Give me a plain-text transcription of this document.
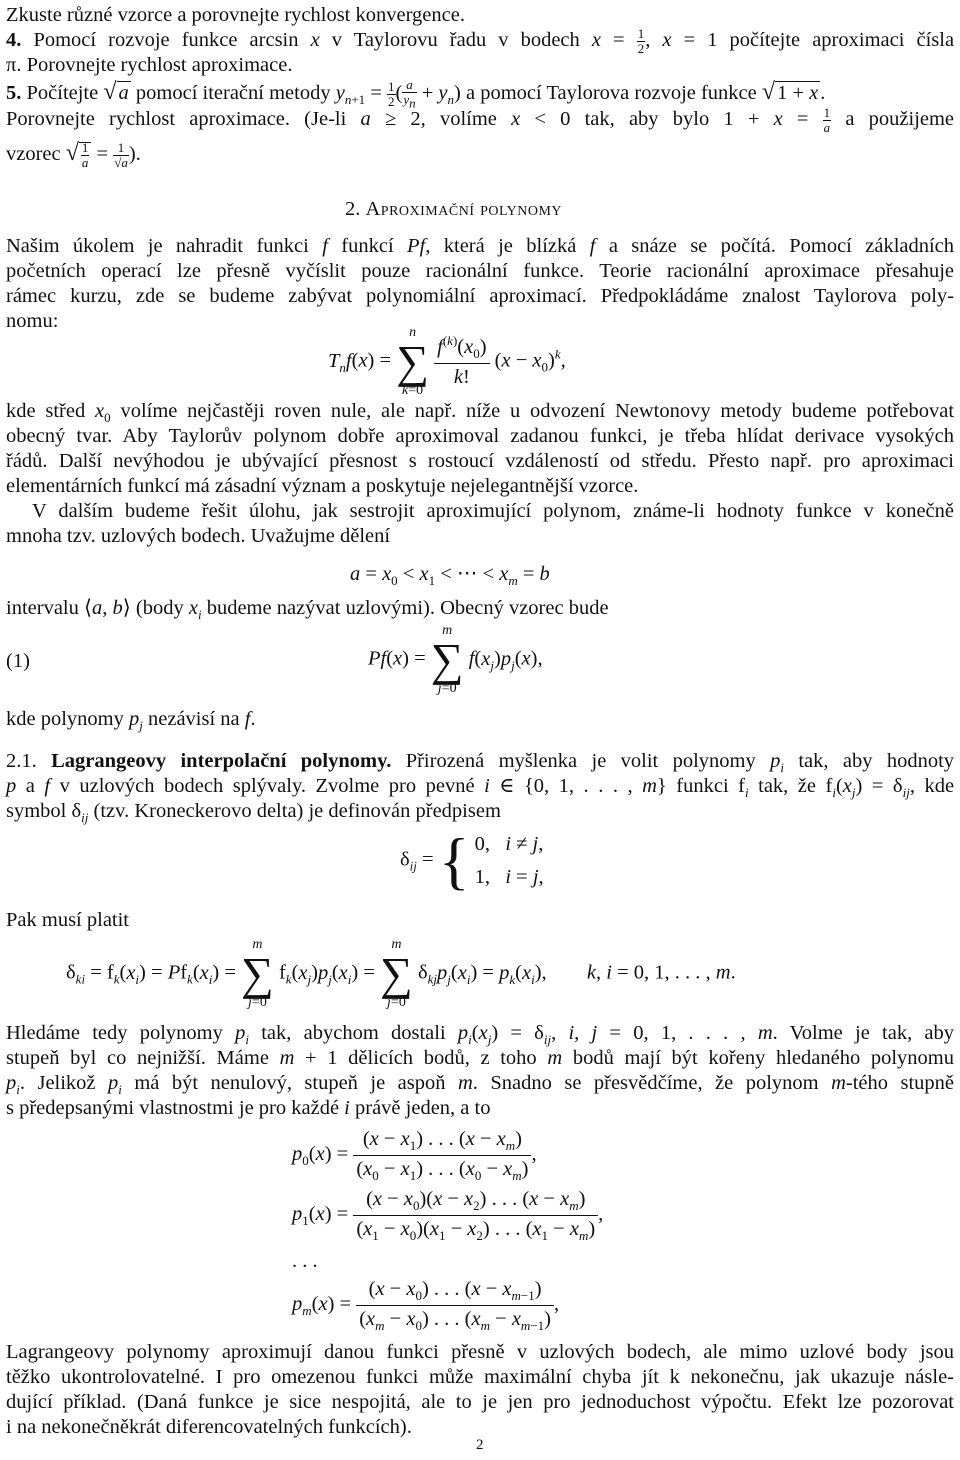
Zkuste různé vzorce a porovnejte rychlost konvergence.
4. Pomocí rozvoje funkce arcsin x v Taylorovu řadu v bodech $x = \frac{1}{2}$ , x = 1 počítejte aproximaci čísla
π. Porovnejte rychlost aproximace.
5. Počítejte √a pomocí iterační metody $y_{n+1} = \frac{1}{2}$ ( $\frac{a}{y_n} + y_n$) a pomocí Taylorova rozvoje funkce √1 + x.
Porovnejte rychlost aproximace. (Je-li a ≥ 2, volíme x < 0 tak, aby bylo $1 + x = \frac{1}{a}$ a použijeme
vzorec √ $\frac{1}{a} = \frac{1}{√a}$ ).
2. Aproximační polynomy
Našim úkolem je nahradit funkci f funkcí Pf, která je blízká f a snáze se počítá. Pomocí základních
početních operací lze přesně vyčíslit pouze racionální funkce. Teorie racionální aproximace přesahuje
rámec kurzu, zde se budeme zabývat polynomiální aproximací. Předpokládáme znalost Taylorova poly-
nomu:
$T_nf(x)$ =
n
∑
k=0
$\frac{f^{(k)}(x_0)}{k!} (x - x_0)^k$,
kde střed $x_0$ volíme nejčastěji roven nule, ale např. níže u odvození Newtonovy metody budeme potřebovat
obecný tvar. Aby Taylorův polynom dobře aproximoval zadanou funkci, je třeba hlídat derivace vysokých
řádů. Další nevýhodou je ubývající přesnost s rostoucí vzdáleností od středu. Přesto např. pro aproximaci
elementárních funkcí má zásadní význam a poskytuje nejelegantnější vzorce.
V dalším budeme řešit úlohu, jak sestrojit aproximující polynom, známe-li hodnoty funkce v konečně
mnoha tzv. uzlových bodech. Uvažujme dělení
$a = x_0 < x_1$ < ⋯ < $x_m = b$
intervalu ⟨a, b⟩ (body $x_i$ budeme nazývat uzlovými). Obecný vzorec bude
(1)	Pf(x) =
m
∑
j=0
$f(x_j)p_j(x)$,
kde polynomy $p_j$ nezávisí na f.
2.1. Lagrangeovy interpolační polynomy. Přirozená myšlenka je volit polynomy $p_i$ tak, aby hodnoty
p a f v uzlových bodech splývaly. Zvolme pro pevné i ∈ {0, 1, . . . , m} funkci $f_i$ tak, že $f_i(x_j) = \delta_{ij}$, kde
symbol $\delta_{ij}$ (tzv. Kroneckerovo delta) je definován předpisem
$\delta_{ij}$ = { 0,   i ≠ j,
1,   i = j,
Pak musí platit
$\delta_{ki} = f_k(x_i) = Pf_k(x_i)$ =
m
∑
j=0
$f_k(x_j)p_j(x_i)$ =
m
∑
j=0
$\delta_{kj}p_j(x_i) = p_k(x_i)$,  k, i = 0, 1, . . . , m.
Hledáme tedy polynomy $p_i$ tak, abychom dostali $p_i(x_j) = \delta_{ij}$, i, j = 0, 1, . . . , m. Volme je tak, aby
stupeň byl co nejnižší. Máme m + 1 dělicích bodů, z toho m bodů mají být kořeny hledaného polynomu
$p_i$. Jelikož $p_i$ má být nenulový, stupeň je aspoň m. Snadno se přesvědčíme, že polynom m-tého stupně
s předepsanými vlastnostmi je pro každé i právě jeden, a to
$p_0(x) = \frac{(x - x_1) . . . (x - x_m)}{(x_0 - x_1) . . . (x_0 - x_m)}$ ,
$p_1(x) = \frac{(x - x_0)(x - x_2) . . . (x - x_m)}{(x_1 - x_0)(x_1 - x_2) . . . (x_1 - x_m)}$ ,
. . .
$p_m(x) = \frac{(x - x_0) . . . (x - x_{m-1})}{(x_m - x_0) . . . (x_m - x_{m-1})}$ ,
Lagrangeovy polynomy aproximují danou funkci přesně v uzlových bodech, ale mimo uzlové body jsou
těžko ukontrolovatelné. I pro omezenou funkci může maximální chyba jít k nekonečnu, jak ukazuje násle-
dující příklad. (Daná funkce je sice nespojitá, ale to je jen pro jednoduchost výpočtu. Efekt lze pozorovat
i na nekonečněkrát diferencovatelných funkcích).
2
